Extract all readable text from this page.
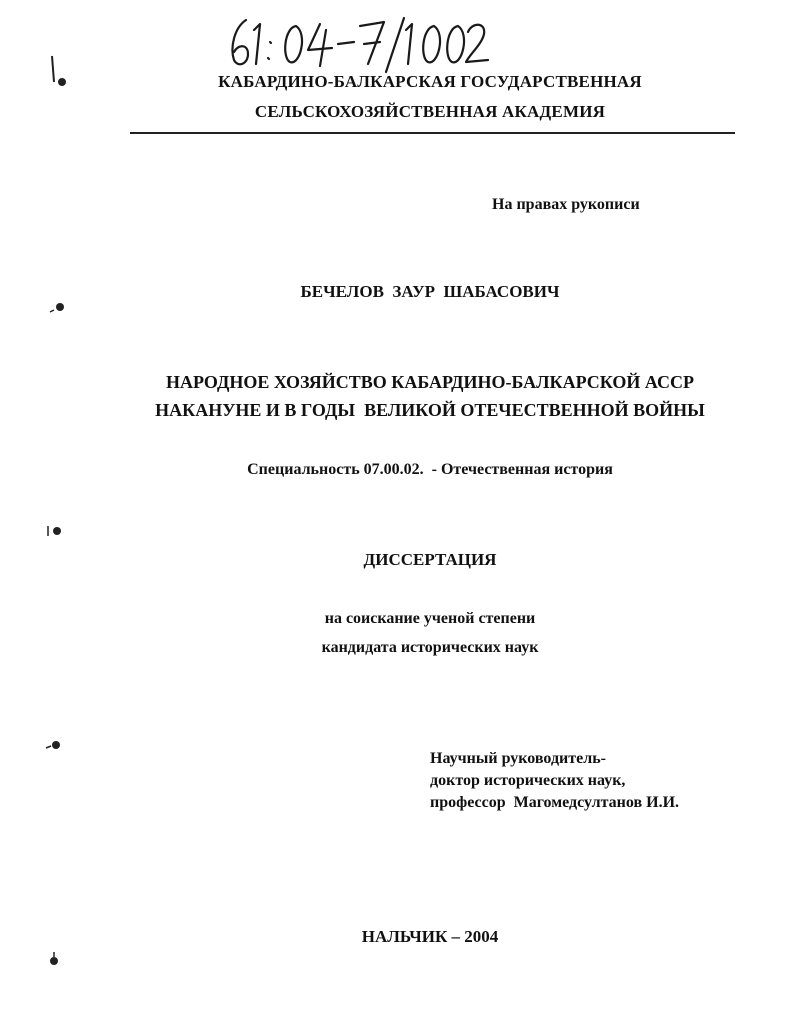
КАБАРДИНО-БАЛКАРСКАЯ ГОСУДАРСТВЕННАЯ
СЕЛЬСКОХОЗЯЙСТВЕННАЯ АКАДЕМИЯ
На правах рукописи
БЕЧЕЛОВ  ЗАУР  ШАБАСОВИЧ
НАРОДНОЕ ХОЗЯЙСТВО КАБАРДИНО-БАЛКАРСКОЙ АССР
НАКАНУНЕ И В ГОДЫ  ВЕЛИКОЙ ОТЕЧЕСТВЕННОЙ ВОЙНЫ
Специальность 07.00.02.  - Отечественная история
ДИССЕРТАЦИЯ
на соискание ученой степени
кандидата исторических наук
Научный руководитель-
доктор исторических наук,
профессор  Магомедсултанов И.И.
НАЛЬЧИК – 2004
